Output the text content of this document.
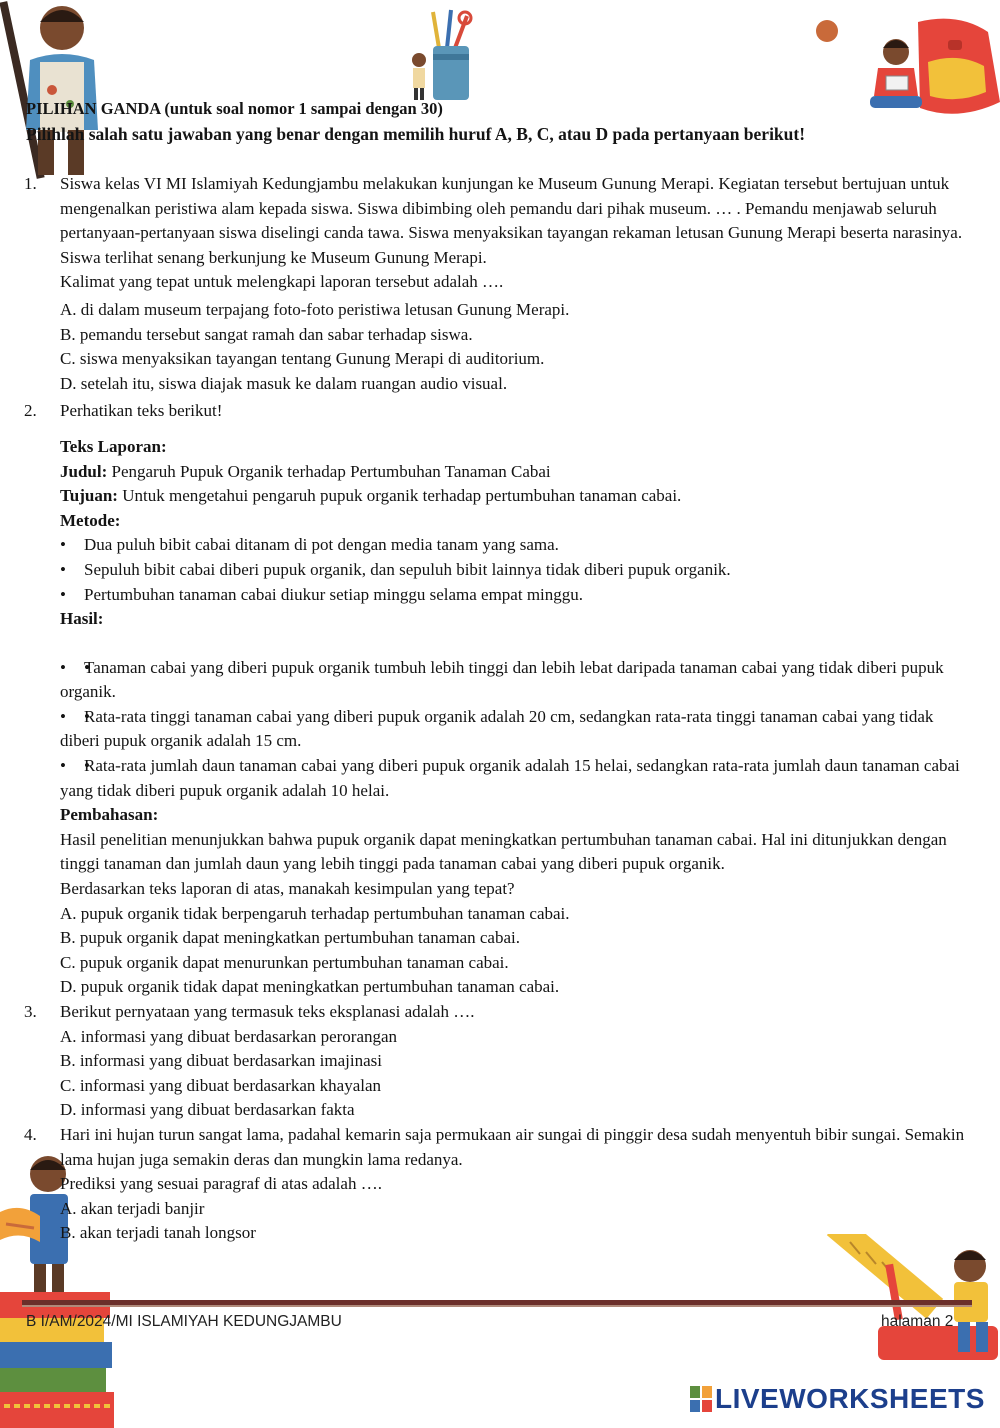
PILIHAN GANDA (untuk soal nomor 1 sampai dengan 30)
Pilihlah salah satu jawaban yang benar dengan memilih huruf A, B, C, atau D pada pertanyaan berikut!
1. Siswa kelas VI MI Islamiyah Kedungjambu melakukan kunjungan ke Museum Gunung Merapi. Kegiatan tersebut bertujuan untuk mengenalkan peristiwa alam kepada siswa. Siswa dibimbing oleh pemandu dari pihak museum. … . Pemandu menjawab seluruh pertanyaan-pertanyaan siswa diselingi canda tawa. Siswa menyaksikan tayangan rekaman letusan Gunung Merapi beserta narasinya. Siswa terlihat senang berkunjung ke Museum Gunung Merapi.
Kalimat yang tepat untuk melengkapi laporan tersebut adalah ….
A. di dalam museum terpajang foto-foto peristiwa letusan Gunung Merapi.
B. pemandu tersebut sangat ramah dan sabar terhadap siswa.
C. siswa menyaksikan tayangan tentang Gunung Merapi di auditorium.
D. setelah itu, siswa diajak masuk ke dalam ruangan audio visual.
2. Perhatikan teks berikut!
Teks Laporan:
Judul: Pengaruh Pupuk Organik terhadap Pertumbuhan Tanaman Cabai
Tujuan: Untuk mengetahui pengaruh pupuk organik terhadap pertumbuhan tanaman cabai.
Metode:
• Dua puluh bibit cabai ditanam di pot dengan media tanam yang sama.
• Sepuluh bibit cabai diberi pupuk organik, dan sepuluh bibit lainnya tidak diberi pupuk organik.
• Pertumbuhan tanaman cabai diukur setiap minggu selama empat minggu.
Hasil:
• • Tanaman cabai yang diberi pupuk organik tumbuh lebih tinggi dan lebih lebat daripada tanaman cabai yang tidak diberi pupuk organik.
• • Rata-rata tinggi tanaman cabai yang diberi pupuk organik adalah 20 cm, sedangkan rata-rata tinggi tanaman cabai yang tidak diberi pupuk organik adalah 15 cm.
• • Rata-rata jumlah daun tanaman cabai yang diberi pupuk organik adalah 15 helai, sedangkan rata-rata jumlah daun tanaman cabai yang tidak diberi pupuk organik adalah 10 helai.
Pembahasan:
Hasil penelitian menunjukkan bahwa pupuk organik dapat meningkatkan pertumbuhan tanaman cabai. Hal ini ditunjukkan dengan tinggi tanaman dan jumlah daun yang lebih tinggi pada tanaman cabai yang diberi pupuk organik.
Berdasarkan teks laporan di atas, manakah kesimpulan yang tepat?
A. pupuk organik tidak berpengaruh terhadap pertumbuhan tanaman cabai.
B. pupuk organik dapat meningkatkan pertumbuhan tanaman cabai.
C. pupuk organik dapat menurunkan pertumbuhan tanaman cabai.
D. pupuk organik tidak dapat meningkatkan pertumbuhan tanaman cabai.
3. Berikut pernyataan yang termasuk teks eksplanasi adalah ….
A. informasi yang dibuat berdasarkan perorangan
B. informasi yang dibuat berdasarkan imajinasi
C. informasi yang dibuat berdasarkan khayalan
D. informasi yang dibuat berdasarkan fakta
4. Hari ini hujan turun sangat lama, padahal kemarin saja permukaan air sungai di pinggir desa sudah menyentuh bibir sungai. Semakin lama hujan juga semakin deras dan mungkin lama redanya.
Prediksi yang sesuai paragraf di atas adalah ….
A. akan terjadi banjir
B. akan terjadi tanah longsor
B I/AM/2024/MI ISLAMIYAH KEDUNGJAMBU	halaman 2
LIVEWORKSHEETS
